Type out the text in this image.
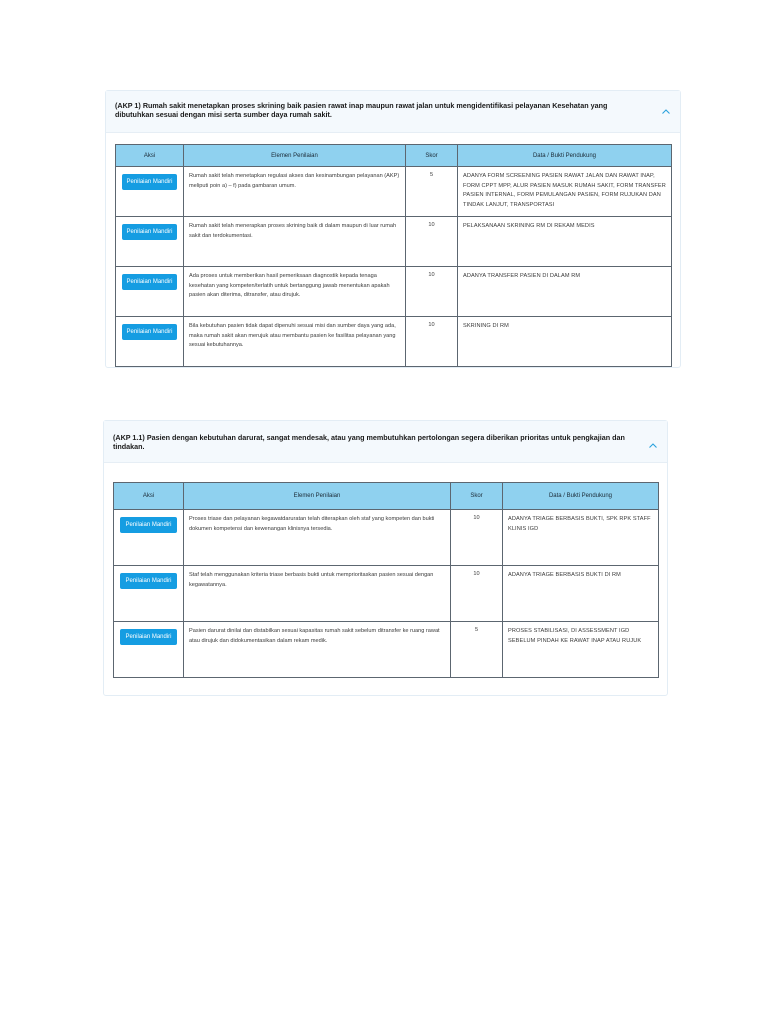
(AKP 1) Rumah sakit menetapkan proses skrining baik pasien rawat inap maupun rawat jalan untuk mengidentifikasi pelayanan Kesehatan yang dibutuhkan sesuai dengan misi serta sumber daya rumah sakit.
Aksi	Elemen Penilaian	Skor	Data / Bukti Pendukung
Penilaian Mandiri	Rumah sakit telah menetapkan regulasi akses dan kesinambungan pelayanan (AKP) meliputi poin a) – f) pada gambaran umum.	5	ADANYA FORM SCREENING PASIEN RAWAT JALAN DAN RAWAT INAP, FORM CPPT MPP, ALUR PASIEN MASUK RUMAH SAKIT, FORM TRANSFER PASIEN INTERNAL, FORM PEMULANGAN PASIEN, FORM RUJUKAN DAN TINDAK LANJUT, TRANSPORTASI
Penilaian Mandiri	Rumah sakit telah menerapkan proses skrining baik di dalam maupun di luar rumah sakit dan terdokumentasi.	10	PELAKSANAAN SKRINING RM DI REKAM MEDIS
Penilaian Mandiri	Ada proses untuk memberikan hasil pemeriksaan diagnostik kepada tenaga kesehatan yang kompeten/terlatih untuk bertanggung jawab menentukan apakah pasien akan diterima, ditransfer, atau dirujuk.	10	ADANYA TRANSFER PASIEN DI DALAM RM
Penilaian Mandiri	Bila kebutuhan pasien tidak dapat dipenuhi sesuai misi dan sumber daya yang ada, maka rumah sakit akan merujuk atau membantu pasien ke fasilitas pelayanan yang sesuai kebutuhannya.	10	SKRINING DI RM
(AKP 1.1) Pasien dengan kebutuhan darurat, sangat mendesak, atau yang membutuhkan pertolongan segera diberikan prioritas untuk pengkajian dan tindakan.
Aksi	Elemen Penilaian	Skor	Data / Bukti Pendukung
Penilaian Mandiri	Proses triase dan pelayanan kegawatdaruratan telah diterapkan oleh staf yang kompeten dan bukti dokumen kompetensi dan kewenangan klinisnya tersedia.	10	ADANYA TRIAGE BERBASIS BUKTI, SPK RPK STAFF KLINIS IGD
Penilaian Mandiri	Staf telah menggunakan kriteria triase berbasis bukti untuk memprioritaskan pasien sesuai dengan kegawatannya.	10	ADANYA TRIAGE BERBASIS BUKTI DI RM
Penilaian Mandiri	Pasien darurat dinilai dan distabilkan sesuai kapasitas rumah sakit sebelum ditransfer ke ruang rawat atau dirujuk dan didokumentasikan dalam rekam medik.	5	PROSES STABILISASI, DI ASSESSMENT IGD SEBELUM PINDAH KE RAWAT INAP ATAU RUJUK
